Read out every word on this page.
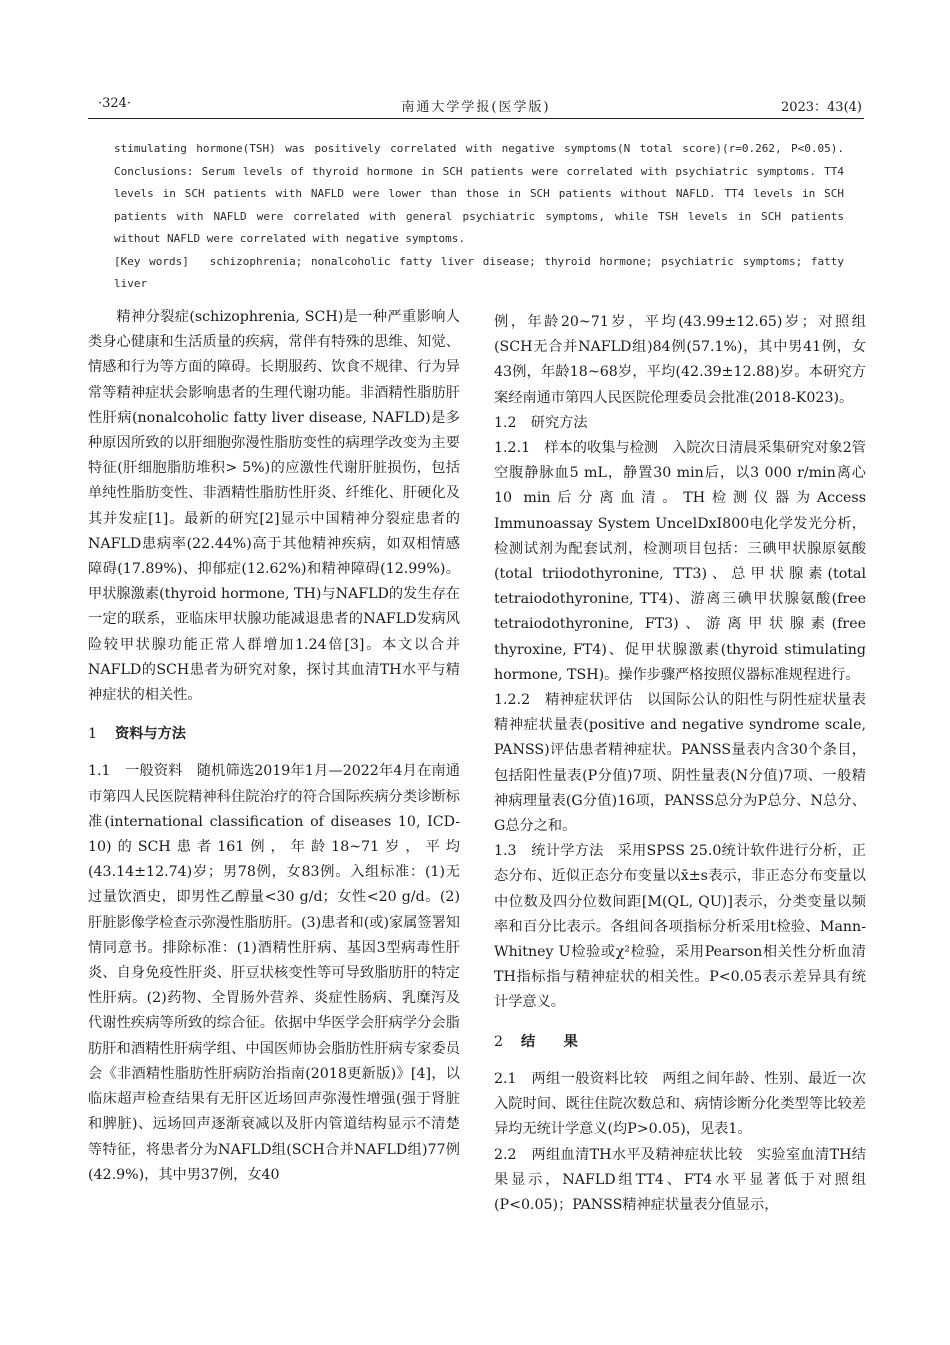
·324·	南通大学学报(医学版)	2023：43(4)

stimulating hormone(TSH) was positively correlated with negative symptoms(N total score)(r=0.262, P<0.05). Conclusions: Serum levels of thyroid hormone in SCH patients were correlated with psychiatric symptoms. TT4 levels in SCH patients with NAFLD were lower than those in SCH patients without NAFLD. TT4 levels in SCH patients with NAFLD were correlated with general psychiatric symptoms, while TSH levels in SCH patients without NAFLD were correlated with negative symptoms.

[Key words] schizophrenia; nonalcoholic fatty liver disease; thyroid hormone; psychiatric symptoms; fatty liver

精神分裂症(schizophrenia, SCH)是一种严重影响人类身心健康和生活质量的疾病，常伴有特殊的思维、知觉、情感和行为等方面的障碍。长期服药、饮食不规律、行为异常等精神症状会影响患者的生理代谢功能。非酒精性脂肪肝性肝病(nonalcoholic fatty liver disease, NAFLD)是多种原因所致的以肝细胞弥漫性脂肪变性的病理学改变为主要特征(肝细胞脂肪堆积> 5%)的应激性代谢肝脏损伤，包括单纯性脂肪变性、非酒精性脂肪性肝炎、纤维化、肝硬化及其并发症[1]。最新的研究[2]显示中国精神分裂症患者的NAFLD患病率(22.44%)高于其他精神疾病，如双相情感障碍(17.89%)、抑郁症(12.62%)和精神障碍(12.99%)。甲状腺激素(thyroid hormone, TH)与NAFLD的发生存在一定的联系，亚临床甲状腺功能减退患者的NAFLD发病风险较甲状腺功能正常人群增加1.24倍[3]。本文以合并NAFLD的SCH患者为研究对象，探讨其血清TH水平与精神症状的相关性。

1 资料与方法

1.1　一般资料 随机筛选2019年1月—2022年4月在南通市第四人民医院精神科住院治疗的符合国际疾病分类诊断标准(international classification of diseases 10, ICD-10)的SCH患者161例，年龄18~71岁，平均(43.14±12.74)岁；男78例，女83例。入组标准：(1)无过量饮酒史，即男性乙醇量<30 g/d；女性<20 g/d。(2)肝脏影像学检查示弥漫性脂肪肝。(3)患者和(或)家属签署知情同意书。排除标准：(1)酒精性肝病、基因3型病毒性肝炎、自身免疫性肝炎、肝豆状核变性等可导致脂肪肝的特定性肝病。(2)药物、全胃肠外营养、炎症性肠病、乳糜泻及代谢性疾病等所致的综合征。依据中华医学会肝病学分会脂肪肝和酒精性肝病学组、中国医师协会脂肪性肝病专家委员会《非酒精性脂肪性肝病防治指南(2018更新版)》[4]，以临床超声检查结果有无肝区近场回声弥漫性增强(强于肾脏和脾脏)、远场回声逐渐衰减以及肝内管道结构显示不清楚等特征，将患者分为NAFLD组(SCH合并NAFLD组)77例(42.9%)，其中男37例，女40

例，年龄20~71岁，平均(43.99±12.65)岁；对照组(SCH无合并NAFLD组)84例(57.1%)，其中男41例，女43例，年龄18~68岁，平均(42.39±12.88)岁。本研究方案经南通市第四人民医院伦理委员会批准(2018-K023)。

1.2　研究方法

1.2.1　样本的收集与检测 入院次日清晨采集研究对象2管空腹静脉血5 mL，静置30 min后，以3 000 r/min离心10 min后分离血清。TH检测仪器为Access Immunoassay System UncelDxI800电化学发光分析，检测试剂为配套试剂，检测项目包括：三碘甲状腺原氨酸(total triiodothyronine, TT3)、总甲状腺素(total tetraiodothyronine, TT4)、游离三碘甲状腺氨酸(free tetraiodothyronine, FT3)、游离甲状腺素(free thyroxine, FT4)、促甲状腺激素(thyroid stimulating hormone, TSH)。操作步骤严格按照仪器标准规程进行。

1.2.2　精神症状评估 以国际公认的阳性与阴性症状量表精神症状量表(positive and negative syndrome scale, PANSS)评估患者精神症状。PANSS量表内含30个条目，包括阳性量表(P分值)7项、阴性量表(N分值)7项、一般精神病理量表(G分值)16项，PANSS总分为P总分、N总分、G总分之和。

1.3　统计学方法 采用SPSS 25.0统计软件进行分析，正态分布、近似正态分布变量以x̄±s表示，非正态分布变量以中位数及四分位数间距[M(QL, QU)]表示，分类变量以频率和百分比表示。各组间各项指标分析采用t检验、Mann-Whitney U检验或χ²检验，采用Pearson相关性分析血清TH指标指与精神症状的相关性。P<0.05表示差异具有统计学意义。

2 结　　果

2.1　两组一般资料比较 两组之间年龄、性别、最近一次入院时间、既往住院次数总和、病情诊断分化类型等比较差异均无统计学意义(均P>0.05)，见表1。

2.2　两组血清TH水平及精神症状比较 实验室血清TH结果显示，NAFLD组TT4、FT4水平显著低于对照组(P<0.05)；PANSS精神症状量表分值显示，
